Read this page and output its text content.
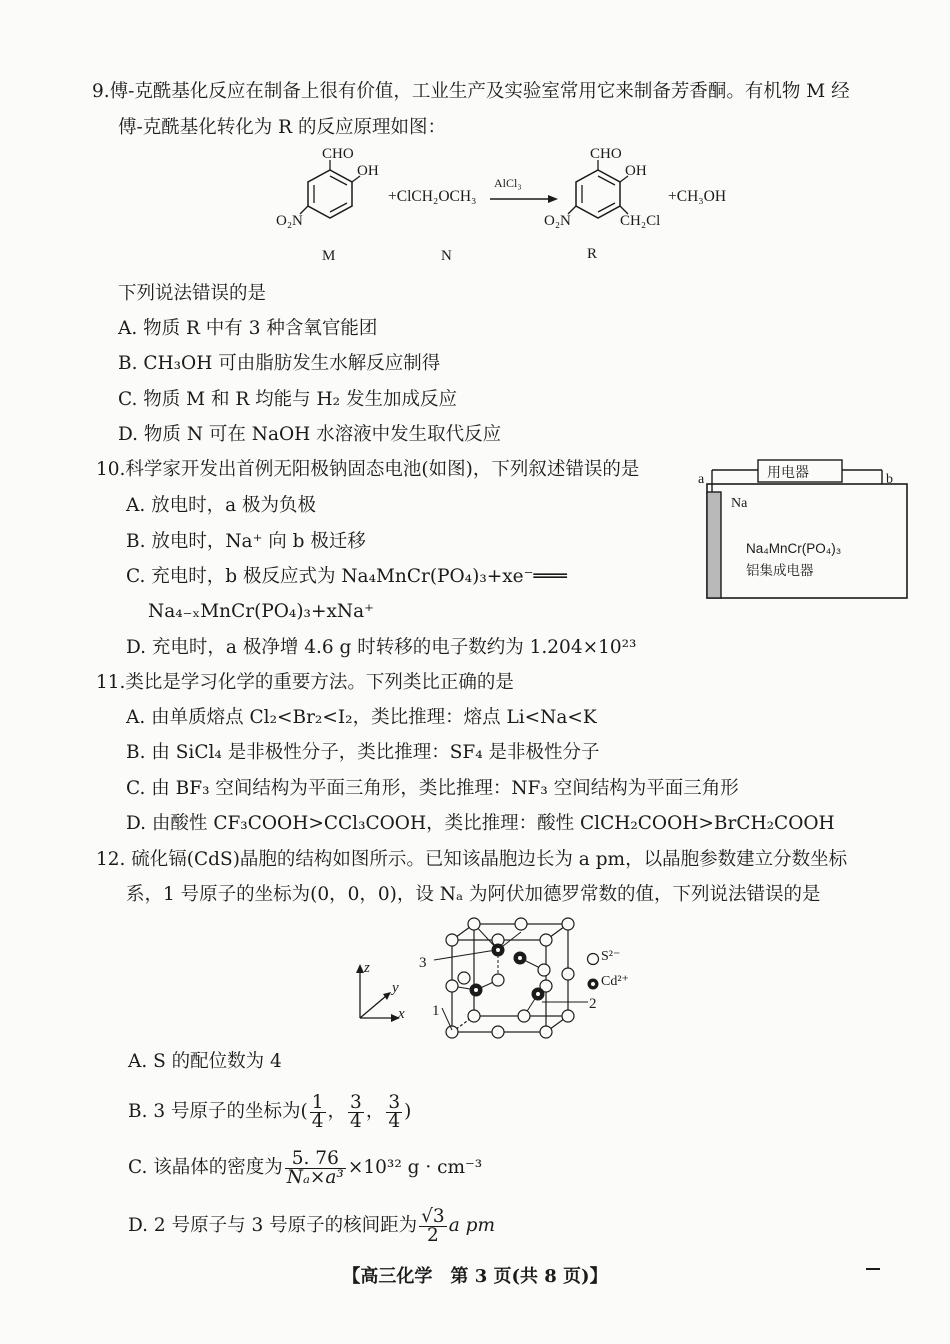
9.傅-克酰基化反应在制备上很有价值，工业生产及实验室常用它来制备芳香酮。有机物 M 经
傅-克酰基化转化为 R 的反应原理如图：
CHO
OH
O₂N
+ClCH₂OCH₃
AlCl₃
CHO
OH
O₂N	CH₂Cl
+CH₃OH
M	N	R
下列说法错误的是
A. 物质 R 中有 3 种含氧官能团
B. CH₃OH 可由脂肪发生水解反应制得
C. 物质 M 和 R 均能与 H₂ 发生加成反应
D. 物质 N 可在 NaOH 水溶液中发生取代反应
10.科学家开发出首例无阳极钠固态电池(如图)，下列叙述错误的是
A. 放电时，a 极为负极
B. 放电时，Na⁺ 向 b 极迁移
C. 充电时，b 极反应式为 Na₄MnCr(PO₄)₃+xe⁻═══
Na₄₋ₓMnCr(PO₄)₃+xNa⁺
D. 充电时，a 极净增 4.6 g 时转移的电子数约为 1.204×10²³
用电器
a	b
Na
Na₄MnCr(PO₄)₃
铝集成电器
11.类比是学习化学的重要方法。下列类比正确的是
A. 由单质熔点 Cl₂<Br₂<I₂，类比推理：熔点 Li<Na<K
B. 由 SiCl₄ 是非极性分子，类比推理：SF₄ 是非极性分子
C. 由 BF₃ 空间结构为平面三角形，类比推理：NF₃ 空间结构为平面三角形
D. 由酸性 CF₃COOH>CCl₃COOH，类比推理：酸性 ClCH₂COOH>BrCH₂COOH
12. 硫化镉(CdS)晶胞的结构如图所示。已知该晶胞边长为 a pm，以晶胞参数建立分数坐标
系，1 号原子的坐标为(0，0，0)，设 Nₐ 为阿伏加德罗常数的值，下列说法错误的是
z
y
x
3
1	2
S²⁻
Cd²⁺
A. S 的配位数为 4
B. 3 号原子的坐标为( $\frac{1}{4}$ ， $\frac{3}{4}$ ， $\frac{3}{4}$ )
C. 该晶体的密度为 $\frac{5. 76}{\text{Nₐ×a³}} \times 10^{32}$ g · cm⁻³
D. 2 号原子与 3 号原子的核间距为 $\frac{√3}{2}$ a pm
【高三化学　第 3 页(共 8 页)】
